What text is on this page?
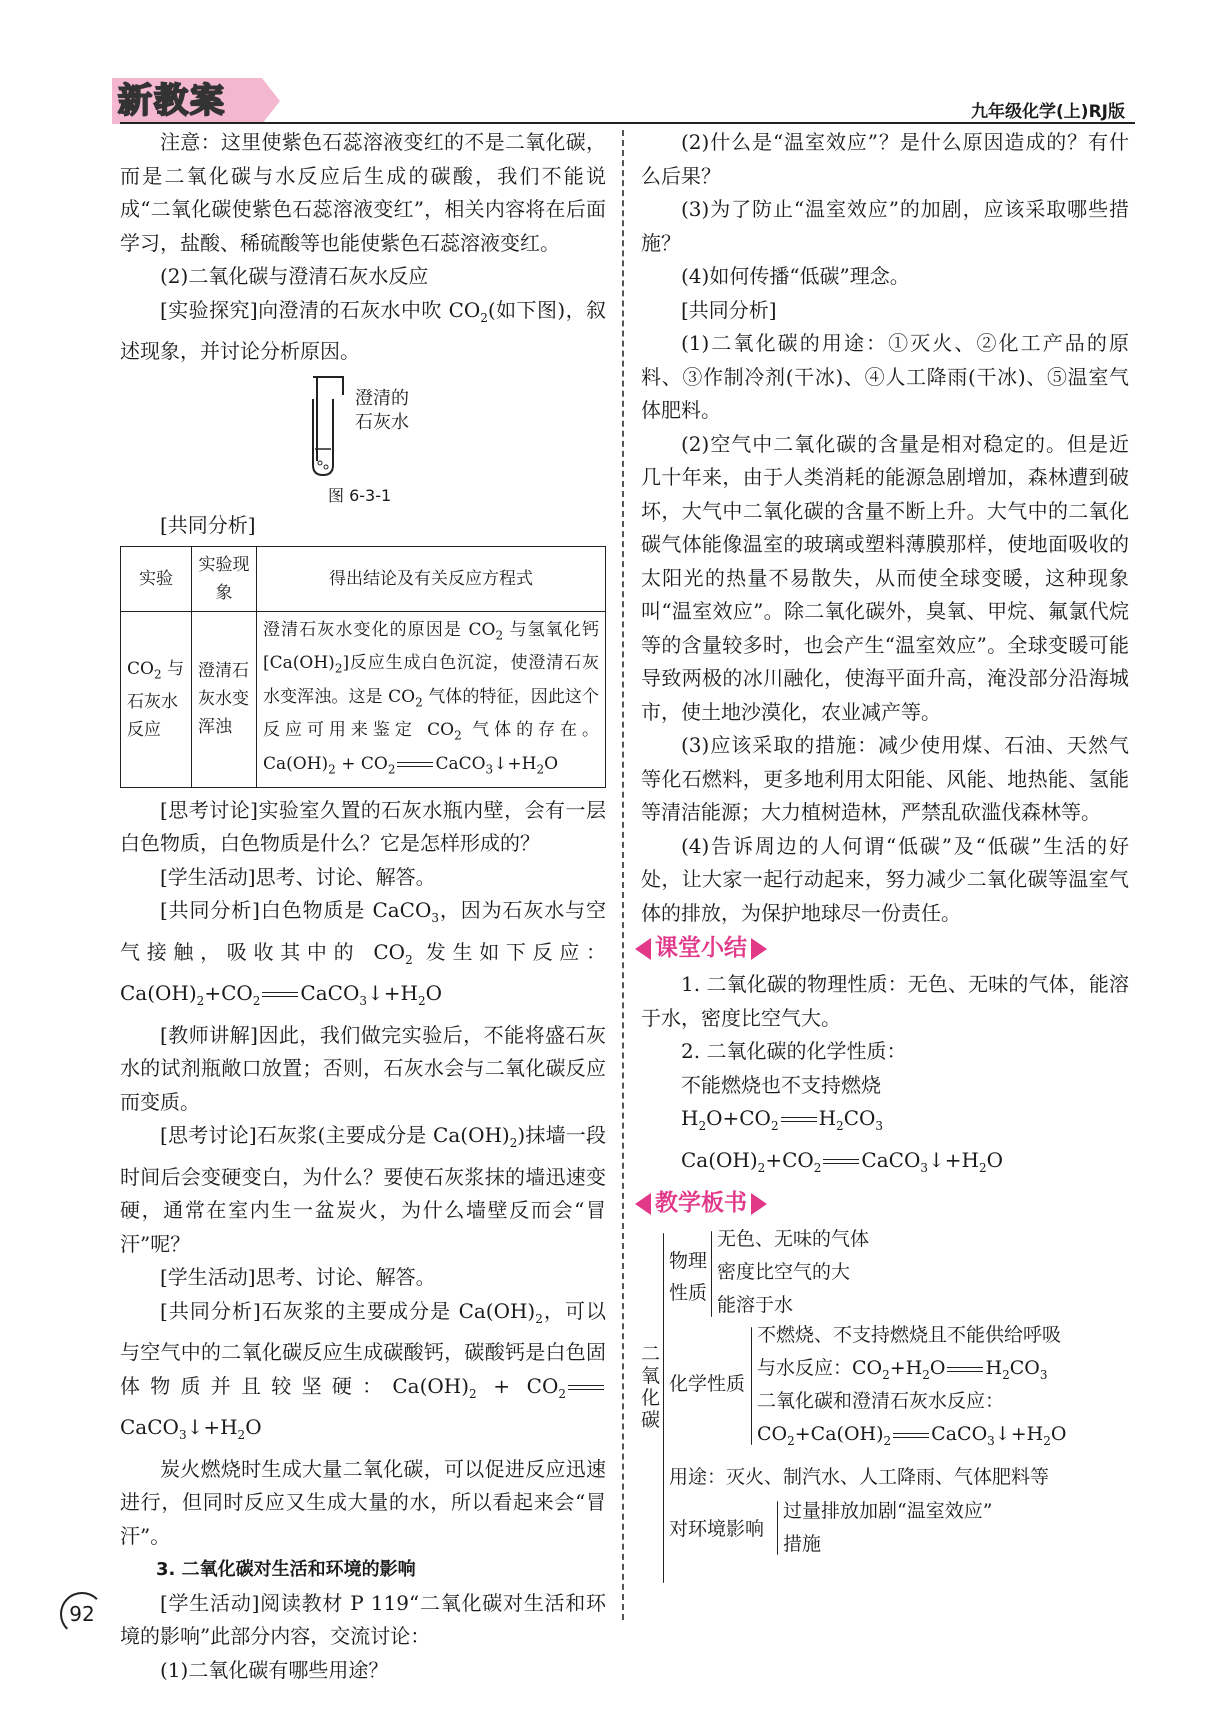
新教案	九年级化学(上)RJ版

注意：这里使紫色石蕊溶液变红的不是二氧化碳，而是二氧化碳与水反应后生成的碳酸，我们不能说成“二氧化碳使紫色石蕊溶液变红”，相关内容将在后面学习，盐酸、稀硫酸等也能使紫色石蕊溶液变红。

(2)二氧化碳与澄清石灰水反应

[实验探究]向澄清的石灰水中吹 $CO_2$(如下图)，叙述现象，并讨论分析原因。

澄清的
石灰水
图 6-3-1

[共同分析]

实验	实验现象	得出结论及有关反应方程式
$CO_2$ 与石灰水反应	澄清石灰水变浑浊	澄清石灰水变化的原因是 $CO_2$ 与氢氧化钙$[Ca(OH)_2]$反应生成白色沉淀，使澄清石灰水变浑浊。这是 $CO_2$ 气体的特征，因此这个反应可用来鉴定 $CO_2$ 气体的存在。$Ca(OH)_2 + CO_2$ $CaCO_3↓+H_2O$

[思考讨论]实验室久置的石灰水瓶内壁，会有一层白色物质，白色物质是什么？它是怎样形成的？

[学生活动]思考、讨论、解答。

[共同分析]白色物质是 CaCO$_3$，因为石灰水与空气接触，吸收其中的 $CO_2$ 发生如下反应：$Ca(OH)_2+CO_2$ $CaCO_3↓+H_2O$

[教师讲解]因此，我们做完实验后，不能将盛石灰水的试剂瓶敞口放置；否则，石灰水会与二氧化碳反应而变质。

[思考讨论]石灰浆(主要成分是 $Ca(OH)_2$)抹墙一段时间后会变硬变白，为什么？要使石灰浆抹的墙迅速变硬，通常在室内生一盆炭火，为什么墙壁反而会“冒汗”呢？

[学生活动]思考、讨论、解答。

[共同分析]石灰浆的主要成分是 $Ca(OH)_2$，可以与空气中的二氧化碳反应生成碳酸钙，碳酸钙是白色固体物质并且较坚硬：$Ca(OH)_2$ + $CO_2CaCO_3↓+H_2O$

炭火燃烧时生成大量二氧化碳，可以促进反应迅速进行，但同时反应又生成大量的水，所以看起来会“冒汗”。

3. 二氧化碳对生活和环境的影响

[学生活动]阅读教材 P 119“二氧化碳对生活和环境的影响”此部分内容，交流讨论：

(1)二氧化碳有哪些用途？

(2)什么是“温室效应”？是什么原因造成的？有什么后果？

(3)为了防止“温室效应”的加剧，应该采取哪些措施？

(4)如何传播“低碳”理念。

[共同分析]

(1)二氧化碳的用途：①灭火、②化工产品的原料、③作制冷剂(干冰)、④人工降雨(干冰)、⑤温室气体肥料。

(2)空气中二氧化碳的含量是相对稳定的。但是近几十年来，由于人类消耗的能源急剧增加，森林遭到破坏，大气中二氧化碳的含量不断上升。大气中的二氧化碳气体能像温室的玻璃或塑料薄膜那样，使地面吸收的太阳光的热量不易散失，从而使全球变暖，这种现象叫“温室效应”。除二氧化碳外，臭氧、甲烷、氟氯代烷等的含量较多时，也会产生“温室效应”。全球变暖可能导致两极的冰川融化，使海平面升高，淹没部分沿海城市，使土地沙漠化，农业减产等。

(3)应该采取的措施：减少使用煤、石油、天然气等化石燃料，更多地利用太阳能、风能、地热能、氢能等清洁能源；大力植树造林，严禁乱砍滥伐森林等。

(4)告诉周边的人何谓“低碳”及“低碳”生活的好处，让大家一起行动起来，努力减少二氧化碳等温室气体的排放，为保护地球尽一份责任。

课堂小结

1. 二氧化碳的物理性质：无色、无味的气体，能溶于水，密度比空气大。

2. 二氧化碳的化学性质：

不能燃烧也不支持燃烧

$H_2O+CO_2$ $H_2CO_3$

$Ca(OH)_2+CO_2$ $CaCO_3↓+H_2O$

教学板书
二氧化碳
物理性质
无色、无味的气体
密度比空气的大
能溶于水
化学性质
不燃烧、不支持燃烧且不能供给呼吸
与水反应：$CO_2+H_2O$ $H_2CO_3$
二氧化碳和澄清石灰水反应：
$CO_2+Ca(OH)_2$ $CaCO_3↓+H_2O$
用途：灭火、制汽水、人工降雨、气体肥料等
对环境影响
过量排放加剧“温室效应”
措施
92
